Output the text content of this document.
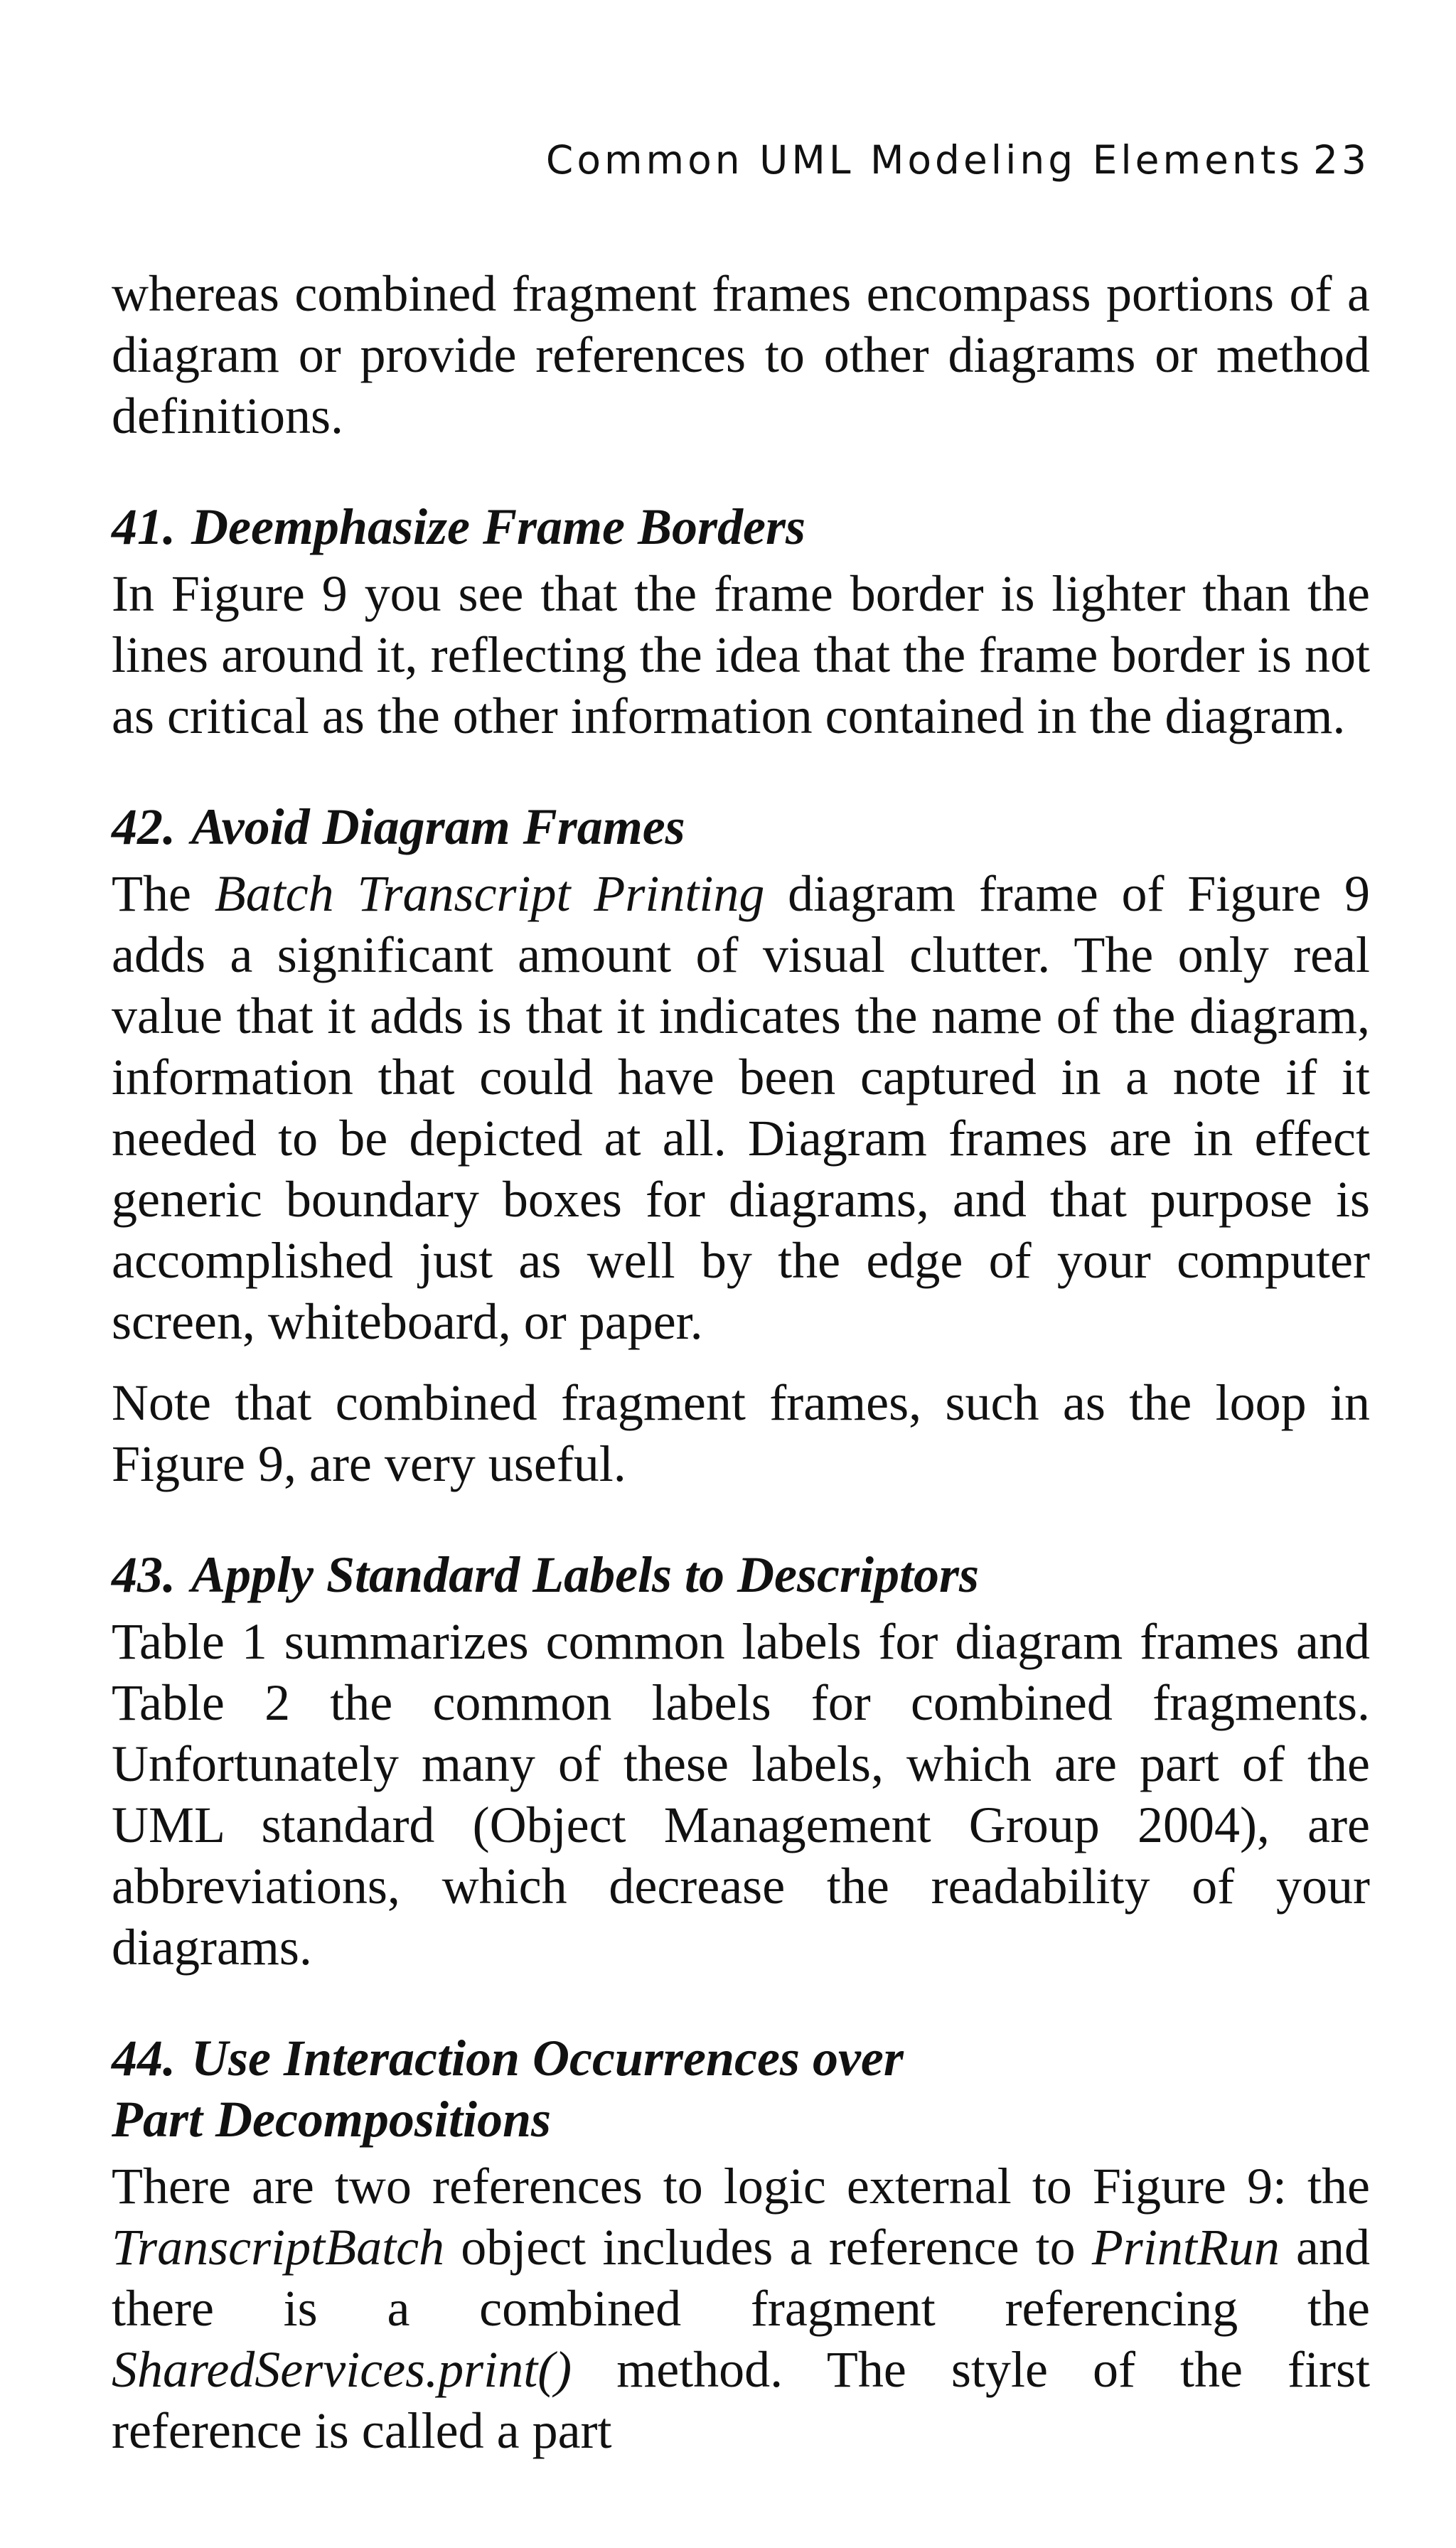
Common UML Modeling Elements 23

whereas combined fragment frames encompass portions of a diagram or provide references to other diagrams or method definitions.

41. Deemphasize Frame Borders

In Figure 9 you see that the frame border is lighter than the lines around it, reflecting the idea that the frame border is not as critical as the other information contained in the diagram.

42. Avoid Diagram Frames

The Batch Transcript Printing diagram frame of Figure 9 adds a significant amount of visual clutter. The only real value that it adds is that it indicates the name of the diagram, information that could have been captured in a note if it needed to be depicted at all. Diagram frames are in effect generic boundary boxes for diagrams, and that purpose is accomplished just as well by the edge of your computer screen, whiteboard, or paper.

Note that combined fragment frames, such as the loop in Figure 9, are very useful.

43. Apply Standard Labels to Descriptors

Table 1 summarizes common labels for diagram frames and Table 2 the common labels for combined fragments. Unfortunately many of these labels, which are part of the UML standard (Object Management Group 2004), are abbreviations, which decrease the readability of your diagrams.

44. Use Interaction Occurrences over
Part Decompositions

There are two references to logic external to Figure 9: the TranscriptBatch object includes a reference to PrintRun and there is a combined fragment referencing the SharedServices.print() method. The style of the first reference is called a part
